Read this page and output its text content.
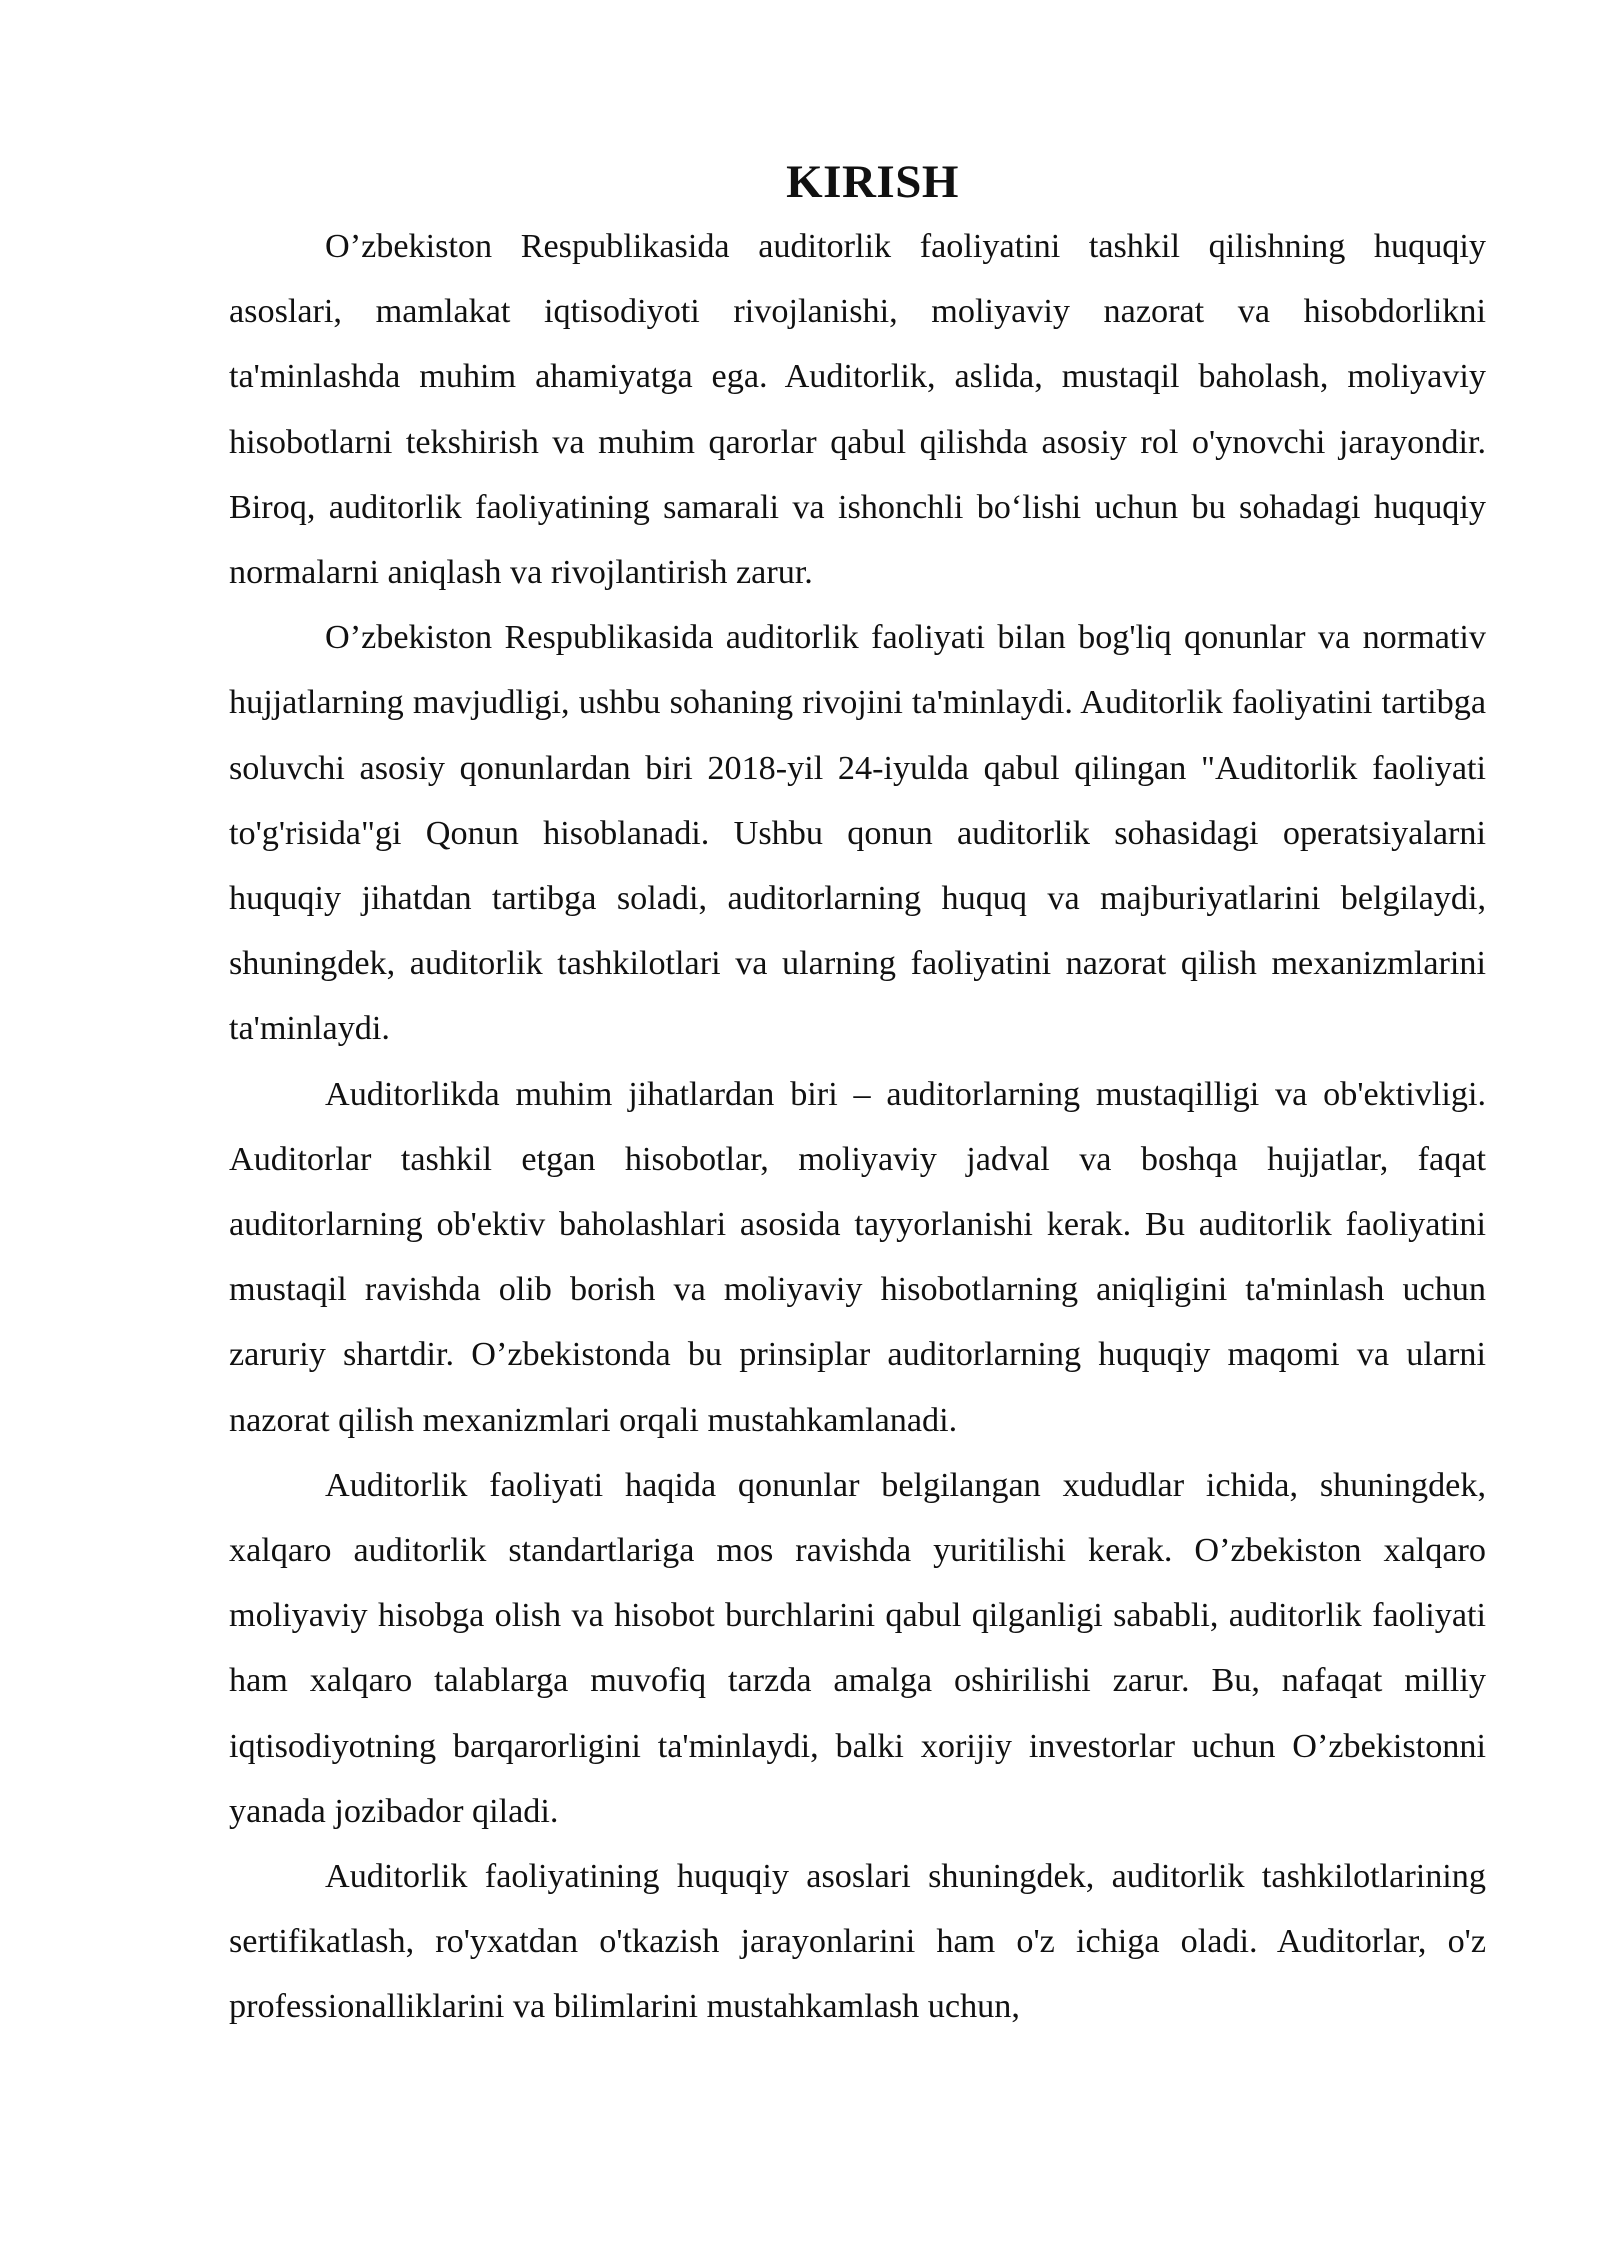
KIRISH

O’zbekiston Respublikasida auditorlik faoliyatini tashkil qilishning huquqiy asoslari, mamlakat iqtisodiyoti rivojlanishi, moliyaviy nazorat va hisobdorlikni ta'minlashda muhim ahamiyatga ega. Auditorlik, aslida, mustaqil baholash, moliyaviy hisobotlarni tekshirish va muhim qarorlar qabul qilishda asosiy rol o'ynovchi jarayondir. Biroq, auditorlik faoliyatining samarali va ishonchli bo‘lishi uchun bu sohadagi huquqiy normalarni aniqlash va rivojlantirish zarur.

O’zbekiston Respublikasida auditorlik faoliyati bilan bog'liq qonunlar va normativ hujjatlarning mavjudligi, ushbu sohaning rivojini ta'minlaydi. Auditorlik faoliyatini tartibga soluvchi asosiy qonunlardan biri 2018-yil 24-iyulda qabul qilingan "Auditorlik faoliyati to'g'risida"gi Qonun hisoblanadi. Ushbu qonun auditorlik sohasidagi operatsiyalarni huquqiy jihatdan tartibga soladi, auditorlarning huquq va majburiyatlarini belgilaydi, shuningdek, auditorlik tashkilotlari va ularning faoliyatini nazorat qilish mexanizmlarini ta'minlaydi.

Auditorlikda muhim jihatlardan biri – auditorlarning mustaqilligi va ob'ektivligi. Auditorlar tashkil etgan hisobotlar, moliyaviy jadval va boshqa hujjatlar, faqat auditorlarning ob'ektiv baholashlari asosida tayyorlanishi kerak. Bu auditorlik faoliyatini mustaqil ravishda olib borish va moliyaviy hisobotlarning aniqligini ta'minlash uchun zaruriy shartdir. O’zbekistonda bu prinsiplar auditorlarning huquqiy maqomi va ularni nazorat qilish mexanizmlari orqali mustahkamlanadi.

Auditorlik faoliyati haqida qonunlar belgilangan xududlar ichida, shuningdek, xalqaro auditorlik standartlariga mos ravishda yuritilishi kerak. O’zbekiston xalqaro moliyaviy hisobga olish va hisobot burchlarini qabul qilganligi sababli, auditorlik faoliyati ham xalqaro talablarga muvofiq tarzda amalga oshirilishi zarur. Bu, nafaqat milliy iqtisodiyotning barqarorligini ta'minlaydi, balki xorijiy investorlar uchun O’zbekistonni yanada jozibador qiladi.

Auditorlik faoliyatining huquqiy asoslari shuningdek, auditorlik tashkilotlarining sertifikatlash, ro'yxatdan o'tkazish jarayonlarini ham o'z ichiga oladi. Auditorlar, o'z professionalliklarini va bilimlarini mustahkamlash uchun,
